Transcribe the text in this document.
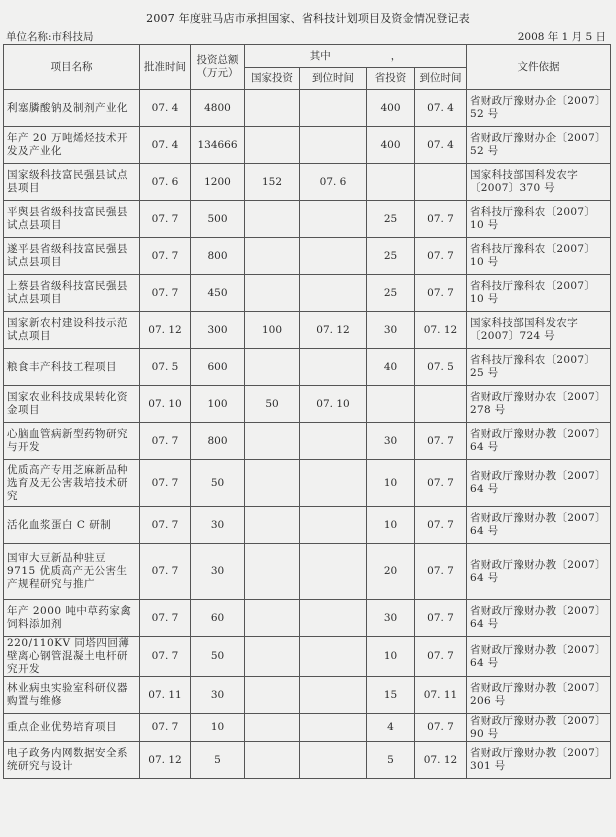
2007 年度驻马店市承担国家、省科技计划项目及资金情况登记表
单位名称:市科技局	2008 年 1 月 5 日
项目名称	批准时间	投资总额（万元）	其中 ，				文件依据
			国家投资	到位时间	省投资	到位时间	
利塞膦酸钠及制剂产业化	07. 4	4800			400	07. 4	省财政厅豫财办企〔2007〕52 号
年产 20 万吨烯烃技术开发及产业化	07. 4	134666			400	07. 4	省财政厅豫财办企〔2007〕52 号
国家级科技富民强县试点县项目	07. 6	1200	152	07. 6			国家科技部国科发农字〔2007〕370 号
平舆县省级科技富民强县试点县项目	07. 7	500			25	07. 7	省科技厅豫科农〔2007〕10 号
遂平县省级科技富民强县试点县项目	07. 7	800			25	07. 7	省科技厅豫科农〔2007〕10 号
上蔡县省级科技富民强县试点县项目	07. 7	450			25	07. 7	省科技厅豫科农〔2007〕10 号
国家新农村建设科技示范试点项目	07. 12	300	100	07. 12	30	07. 12	国家科技部国科发农字〔2007〕724 号
粮食丰产科技工程项目	07. 5	600			40	07. 5	省科技厅豫科农〔2007〕25 号
国家农业科技成果转化资金项目	07. 10	100	50	07. 10			省财政厅豫财办农〔2007〕278 号
心脑血管病新型药物研究与开发	07. 7	800			30	07. 7	省财政厅豫财办教〔2007〕64 号
优质高产专用芝麻新品种选育及无公害栽培技术研究	07. 7	50			10	07. 7	省财政厅豫财办教〔2007〕64 号
活化血浆蛋白 C 研制	07. 7	30			10	07. 7	省财政厅豫财办教〔2007〕64 号
国审大豆新品种驻豆 9715 优质高产无公害生产规程研究与推广	07. 7	30			20	07. 7	省财政厅豫财办教〔2007〕64 号
年产 2000 吨中草药家禽饲料添加剂	07. 7	60			30	07. 7	省财政厅豫财办教〔2007〕64 号
220/110KV 同塔四回薄壁离心钢管混凝土电杆研究开发	07. 7	50			10	07. 7	省财政厅豫财办教〔2007〕64 号
林业病虫实验室科研仪器购置与维修	07. 11	30			15	07. 11	省财政厅豫财办教〔2007〕206 号
重点企业优势培育项目	07. 7	10			4	07. 7	省财政厅豫财办教〔2007〕90 号
电子政务内网数据安全系统研究与设计	07. 12	5			5	07. 12	省财政厅豫财办教〔2007〕301 号
